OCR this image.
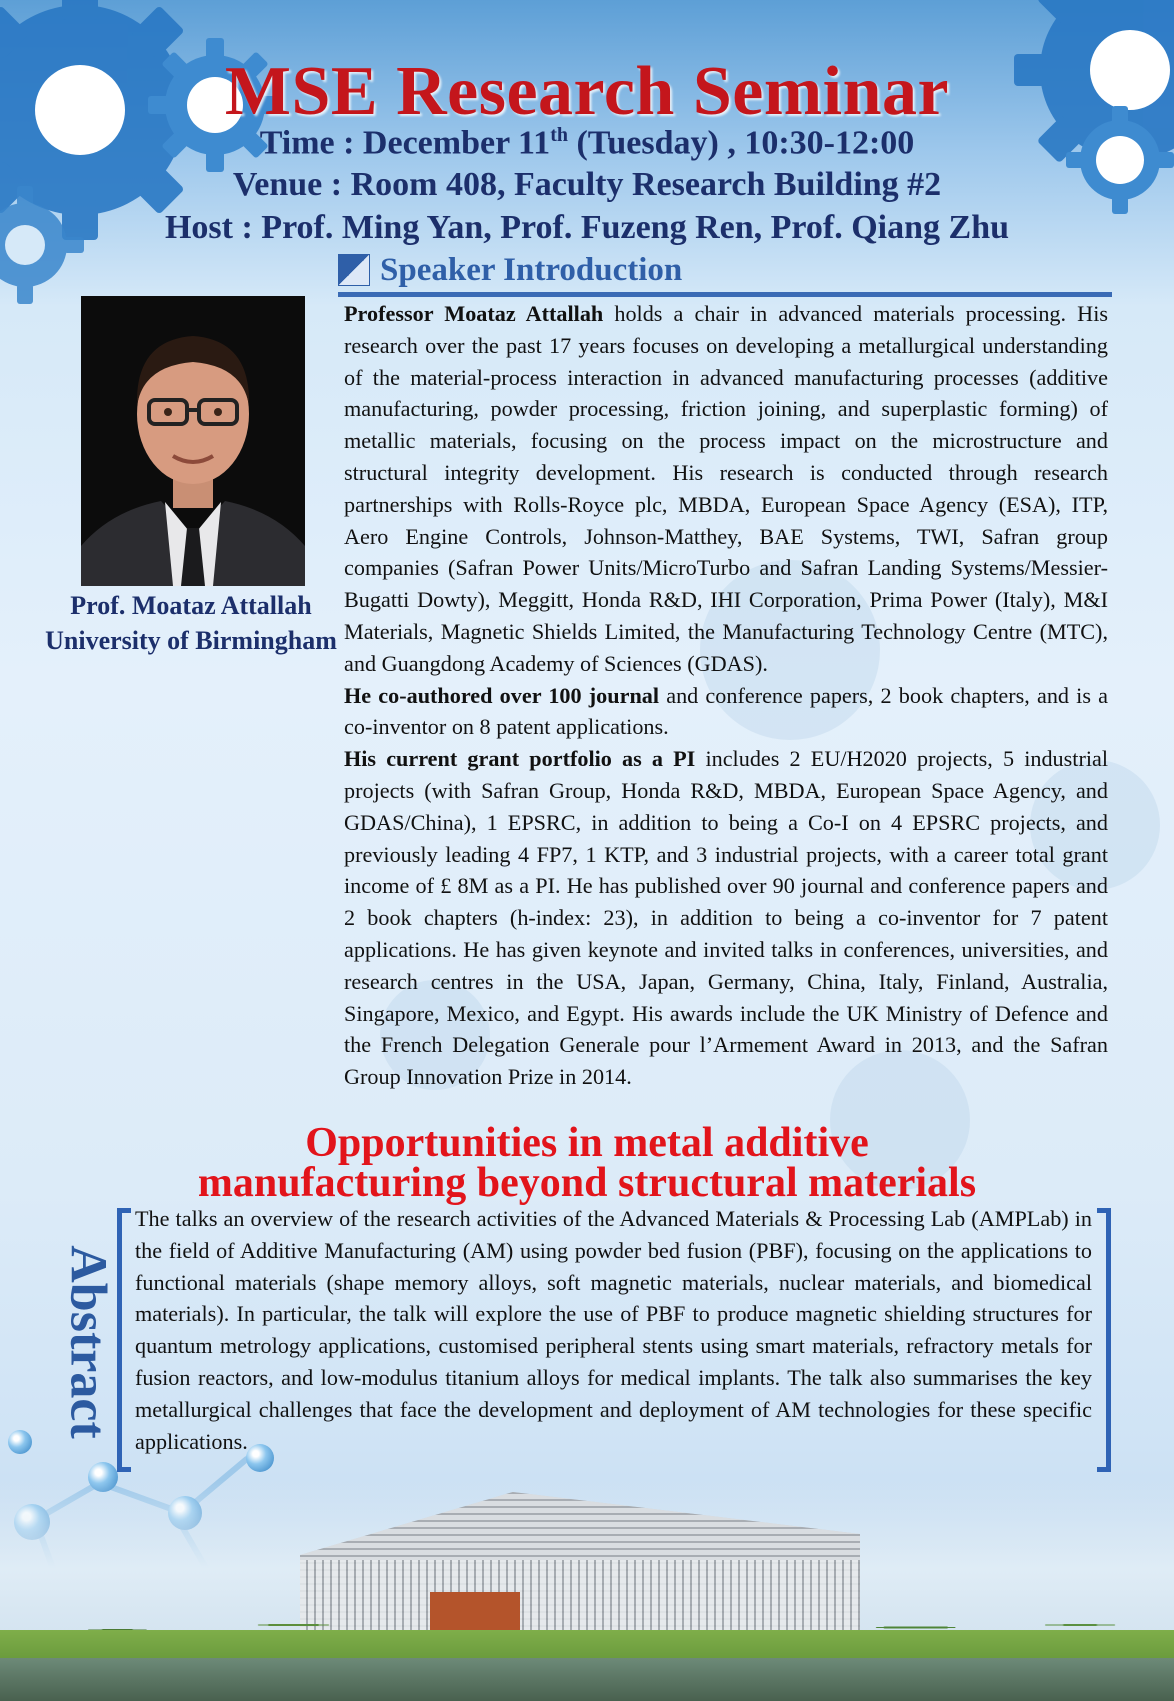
MSE Research Seminar
Time : December 11th (Tuesday) , 10:30-12:00
Venue : Room 408, Faculty Research Building #2
Host : Prof. Ming Yan, Prof. Fuzeng Ren, Prof. Qiang Zhu
Speaker Introduction
Prof. Moataz Attallah
University of Birmingham

Professor Moataz Attallah holds a chair in advanced materials processing. His research over the past 17 years focuses on developing a metallurgical understanding of the material-process interaction in advanced manufacturing processes (additive manufacturing, powder processing, friction joining, and superplastic forming) of metallic materials, focusing on the process impact on the microstructure and structural integrity development. His research is conducted through research partnerships with Rolls-Royce plc, MBDA, European Space Agency (ESA), ITP, Aero Engine Controls, Johnson-Matthey, BAE Systems, TWI, Safran group companies (Safran Power Units/MicroTurbo and Safran Landing Systems/Messier-Bugatti Dowty), Meggitt, Honda R&D, IHI Corporation, Prima Power (Italy), M&I Materials, Magnetic Shields Limited, the Manufacturing Technology Centre (MTC), and Guangdong Academy of Sciences (GDAS).

He co-authored over 100 journal and conference papers, 2 book chapters, and is a co-inventor on 8 patent applications.

His current grant portfolio as a PI includes 2 EU/H2020 projects, 5 industrial projects (with Safran Group, Honda R&D, MBDA, European Space Agency, and GDAS/China), 1 EPSRC, in addition to being a Co-I on 4 EPSRC projects, and previously leading 4 FP7, 1 KTP, and 3 industrial projects, with a career total grant income of £ 8M as a PI. He has published over 90 journal and conference papers and 2 book chapters (h-index: 23), in addition to being a co-inventor for 7 patent applications. He has given keynote and invited talks in conferences, universities, and research centres in the USA, Japan, Germany, China, Italy, Finland, Australia, Singapore, Mexico, and Egypt. His awards include the UK Ministry of Defence and the French Delegation Generale pour l’Armement Award in 2013, and the Safran Group Innovation Prize in 2014.

Opportunities in metal additive
manufacturing beyond structural materials
Abstract
The talks an overview of the research activities of the Advanced Materials & Processing Lab (AMPLab) in the field of Additive Manufacturing (AM) using powder bed fusion (PBF), focusing on the applications to functional materials (shape memory alloys, soft magnetic materials, nuclear materials, and biomedical materials). In particular, the talk will explore the use of PBF to produce magnetic shielding structures for quantum metrology applications, customised peripheral stents using smart materials, refractory metals for fusion reactors, and low-modulus titanium alloys for medical implants. The talk also summarises the key metallurgical challenges that face the development and deployment of AM technologies for these specific applications.
